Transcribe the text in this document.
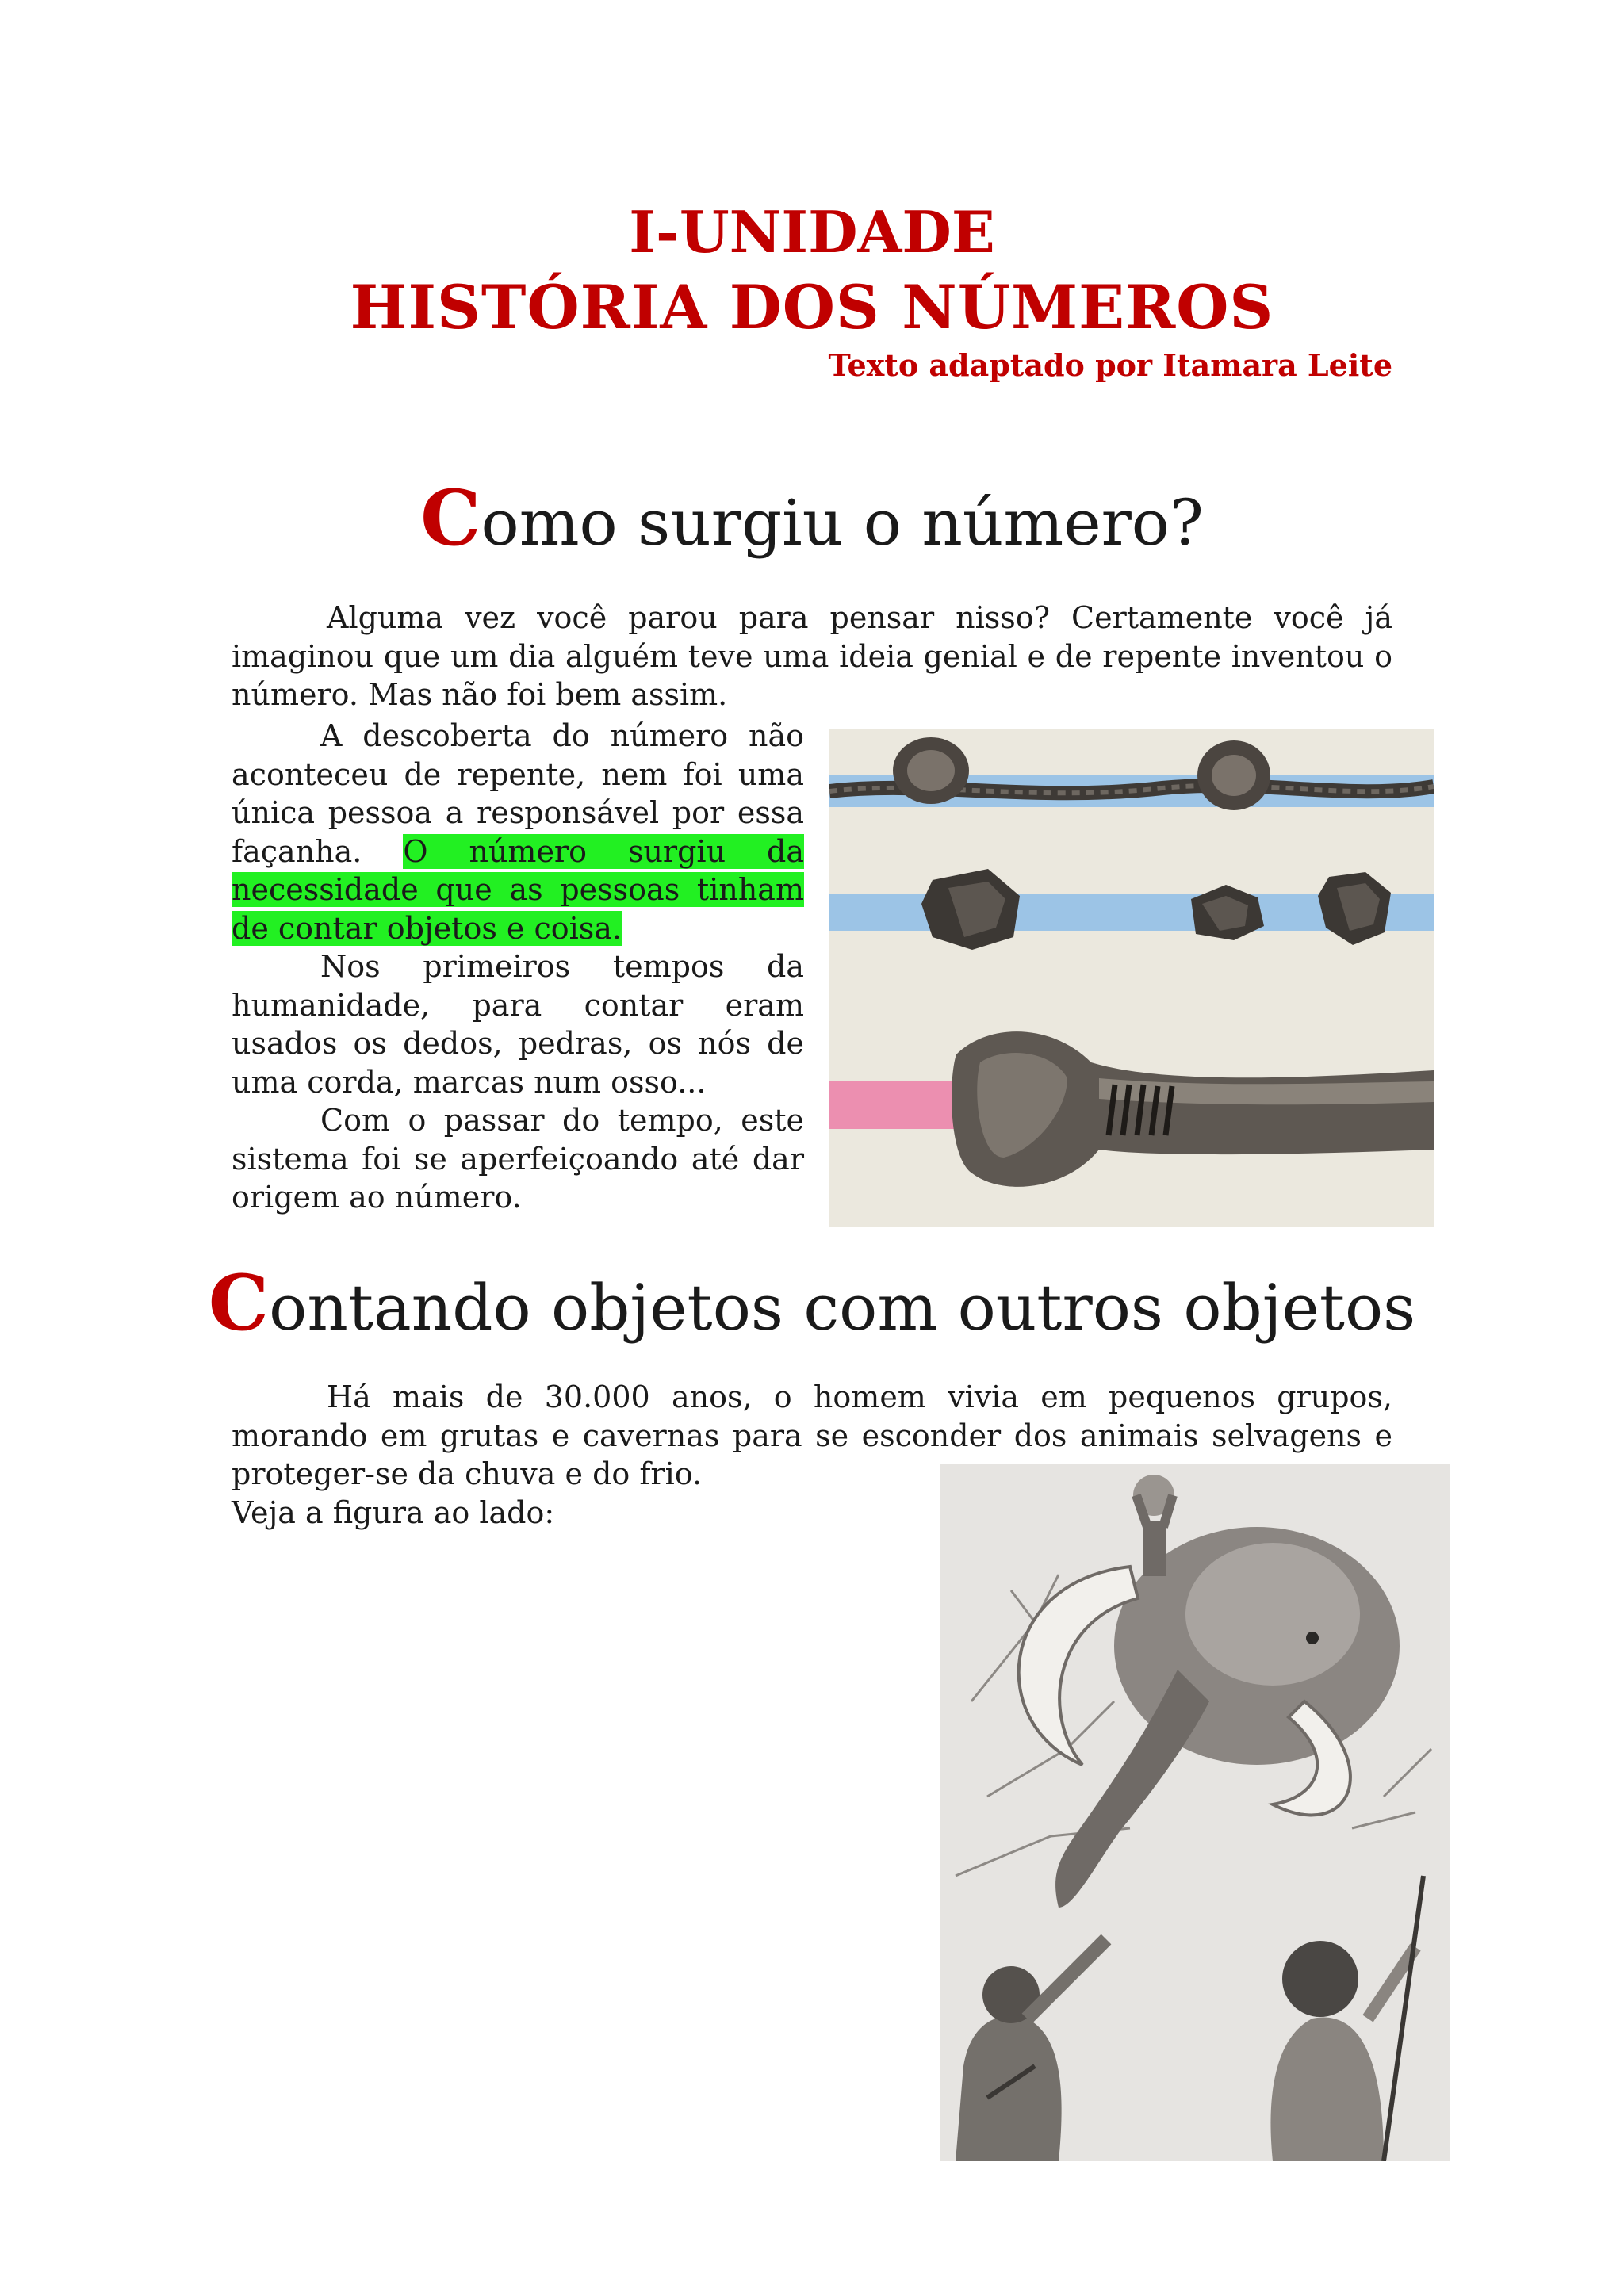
I-UNIDADE
HISTÓRIA DOS NÚMEROS
Texto adaptado por Itamara Leite
Como surgiu o número?

Alguma vez você parou para pensar nisso? Certamente você já imaginou que um dia alguém teve uma ideia genial e de repente inventou o número. Mas não foi bem assim.

A descoberta do número não aconteceu de repente, nem foi uma única pessoa a responsável por essa façanha. O número surgiu da necessidade que as pessoas tinham de contar objetos e coisa.

Nos primeiros tempos da humanidade, para contar eram usados os dedos, pedras, os nós de uma corda, marcas num osso...

Com o passar do tempo, este sistema foi se aperfeiçoando até dar origem ao número.

Contando objetos com outros objetos

Há mais de 30.000 anos, o homem vivia em pequenos grupos, morando em grutas e cavernas para se esconder dos animais selvagens e proteger-se da chuva e do frio.
Veja a figura ao lado:
